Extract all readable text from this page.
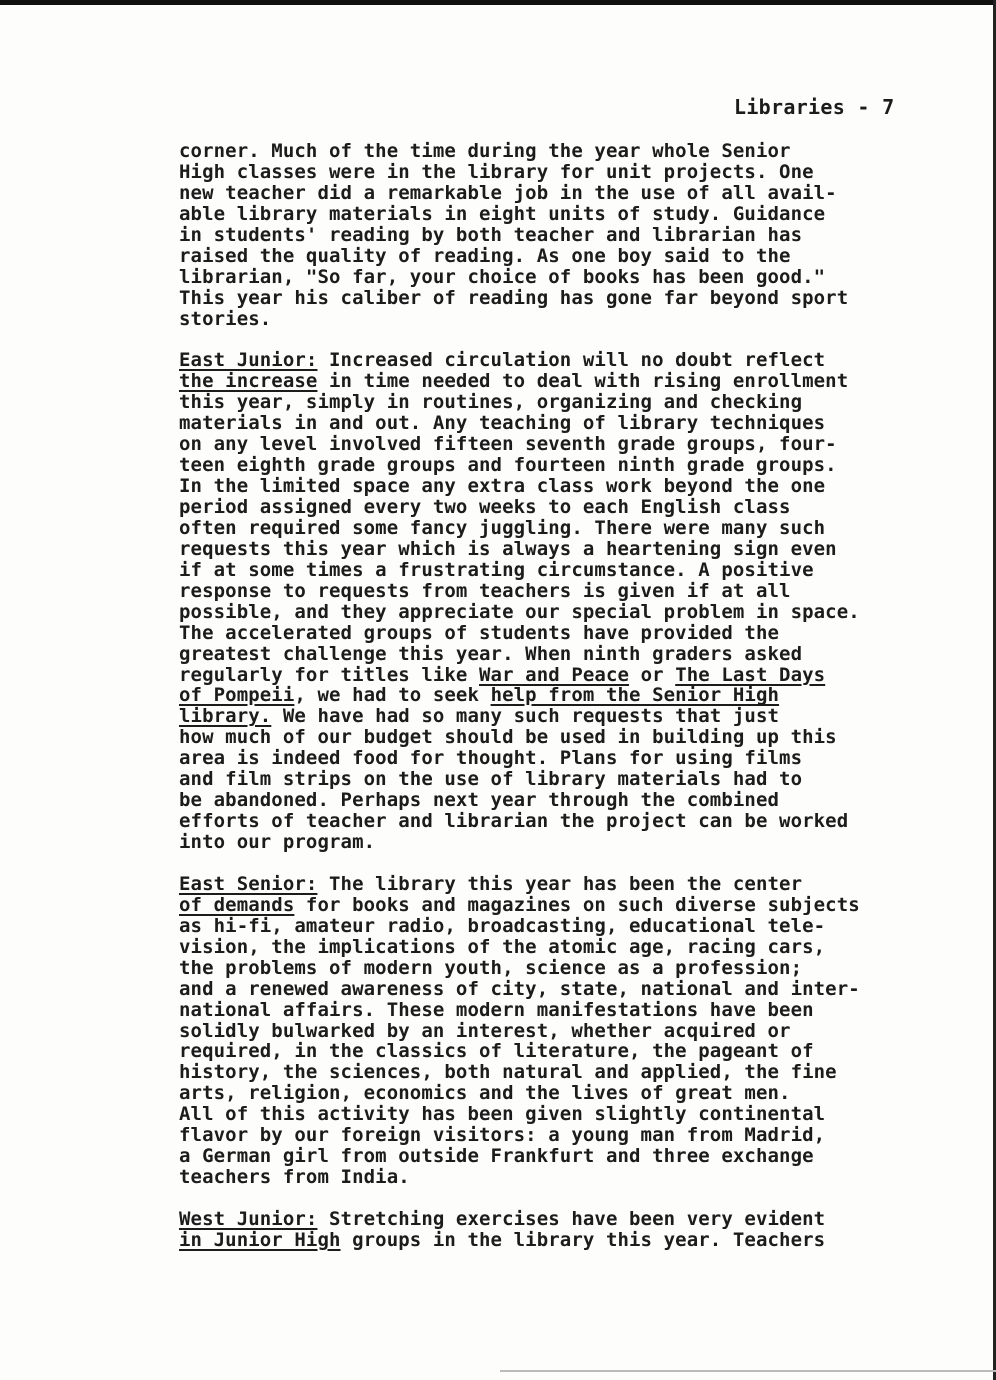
Libraries - 7
corner. Much of the time during the year whole Senior
High classes were in the library for unit projects. One
new teacher did a remarkable job in the use of all avail-
able library materials in eight units of study. Guidance
in students' reading by both teacher and librarian has
raised the quality of reading. As one boy said to the
librarian, "So far, your choice of books has been good."
This year his caliber of reading has gone far beyond sport
stories.
East Junior: Increased circulation will no doubt reflect
the increase in time needed to deal with rising enrollment
this year, simply in routines, organizing and checking
materials in and out. Any teaching of library techniques
on any level involved fifteen seventh grade groups, four-
teen eighth grade groups and fourteen ninth grade groups.
In the limited space any extra class work beyond the one
period assigned every two weeks to each English class
often required some fancy juggling. There were many such
requests this year which is always a heartening sign even
if at some times a frustrating circumstance. A positive
response to requests from teachers is given if at all
possible, and they appreciate our special problem in space.
The accelerated groups of students have provided the
greatest challenge this year. When ninth graders asked
regularly for titles like War and Peace or The Last Days
of Pompeii, we had to seek help from the Senior High
library. We have had so many such requests that just
how much of our budget should be used in building up this
area is indeed food for thought. Plans for using films
and film strips on the use of library materials had to
be abandoned. Perhaps next year through the combined
efforts of teacher and librarian the project can be worked
into our program.
East Senior: The library this year has been the center
of demands for books and magazines on such diverse subjects
as hi-fi, amateur radio, broadcasting, educational tele-
vision, the implications of the atomic age, racing cars,
the problems of modern youth, science as a profession;
and a renewed awareness of city, state, national and inter-
national affairs. These modern manifestations have been
solidly bulwarked by an interest, whether acquired or
required, in the classics of literature, the pageant of
history, the sciences, both natural and applied, the fine
arts, religion, economics and the lives of great men.
All of this activity has been given slightly continental
flavor by our foreign visitors: a young man from Madrid,
a German girl from outside Frankfurt and three exchange
teachers from India.
West Junior: Stretching exercises have been very evident
in Junior High groups in the library this year. Teachers
